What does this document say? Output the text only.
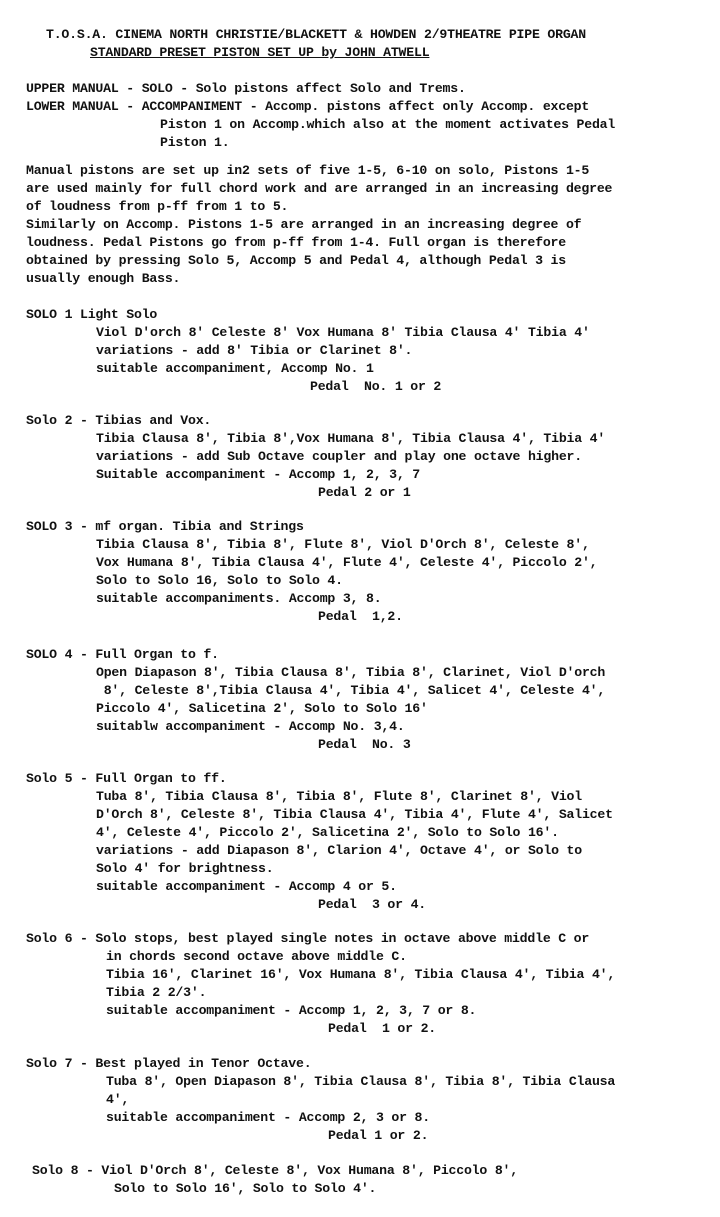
T.O.S.A. CINEMA NORTH CHRISTIE/BLACKETT & HOWDEN 2/9THEATRE PIPE ORGAN
STANDARD PRESET PISTON SET UP by JOHN ATWELL
UPPER MANUAL - SOLO - Solo pistons affect Solo and Trems.
LOWER MANUAL - ACCOMPANIMENT - Accomp. pistons affect only Accomp. except
Piston 1 on Accomp.which also at the moment activates Pedal
Piston 1.
Manual pistons are set up in2 sets of five 1-5, 6-10 on solo, Pistons 1-5
are used mainly for full chord work and are arranged in an increasing degree
of loudness from p-ff from 1 to 5.
Similarly on Accomp. Pistons 1-5 are arranged in an increasing degree of
loudness. Pedal Pistons go from p-ff from 1-4. Full organ is therefore
obtained by pressing Solo 5, Accomp 5 and Pedal 4, although Pedal 3 is
usually enough Bass.
SOLO 1 Light Solo
Viol D'orch 8' Celeste 8' Vox Humana 8' Tibia Clausa 4' Tibia 4'
variations - add 8' Tibia or Clarinet 8'.
suitable accompaniment, Accomp No. 1
Pedal  No. 1 or 2
Solo 2 - Tibias and Vox.
Tibia Clausa 8', Tibia 8',Vox Humana 8', Tibia Clausa 4', Tibia 4'
variations - add Sub Octave coupler and play one octave higher.
Suitable accompaniment - Accomp 1, 2, 3, 7
Pedal 2 or 1
SOLO 3 - mf organ. Tibia and Strings
Tibia Clausa 8', Tibia 8', Flute 8', Viol D'Orch 8', Celeste 8',
Vox Humana 8', Tibia Clausa 4', Flute 4', Celeste 4', Piccolo 2',
Solo to Solo 16, Solo to Solo 4.
suitable accompaniments. Accomp 3, 8.
Pedal  1,2.
SOLO 4 - Full Organ to f.
Open Diapason 8', Tibia Clausa 8', Tibia 8', Clarinet, Viol D'orch
8', Celeste 8',Tibia Clausa 4', Tibia 4', Salicet 4', Celeste 4',
Piccolo 4', Salicetina 2', Solo to Solo 16'
suitablw accompaniment - Accomp No. 3,4.
Pedal  No. 3
Solo 5 - Full Organ to ff.
Tuba 8', Tibia Clausa 8', Tibia 8', Flute 8', Clarinet 8', Viol
D'Orch 8', Celeste 8', Tibia Clausa 4', Tibia 4', Flute 4', Salicet
4', Celeste 4', Piccolo 2', Salicetina 2', Solo to Solo 16'.
variations - add Diapason 8', Clarion 4', Octave 4', or Solo to
Solo 4' for brightness.
suitable accompaniment - Accomp 4 or 5.
Pedal  3 or 4.
Solo 6 - Solo stops, best played single notes in octave above middle C or
in chords second octave above middle C.
Tibia 16', Clarinet 16', Vox Humana 8', Tibia Clausa 4', Tibia 4',
Tibia 2 2/3'.
suitable accompaniment - Accomp 1, 2, 3, 7 or 8.
Pedal  1 or 2.
Solo 7 - Best played in Tenor Octave.
Tuba 8', Open Diapason 8', Tibia Clausa 8', Tibia 8', Tibia Clausa
4',
suitable accompaniment - Accomp 2, 3 or 8.
Pedal 1 or 2.
Solo 8 - Viol D'Orch 8', Celeste 8', Vox Humana 8', Piccolo 8',
Solo to Solo 16', Solo to Solo 4'.
